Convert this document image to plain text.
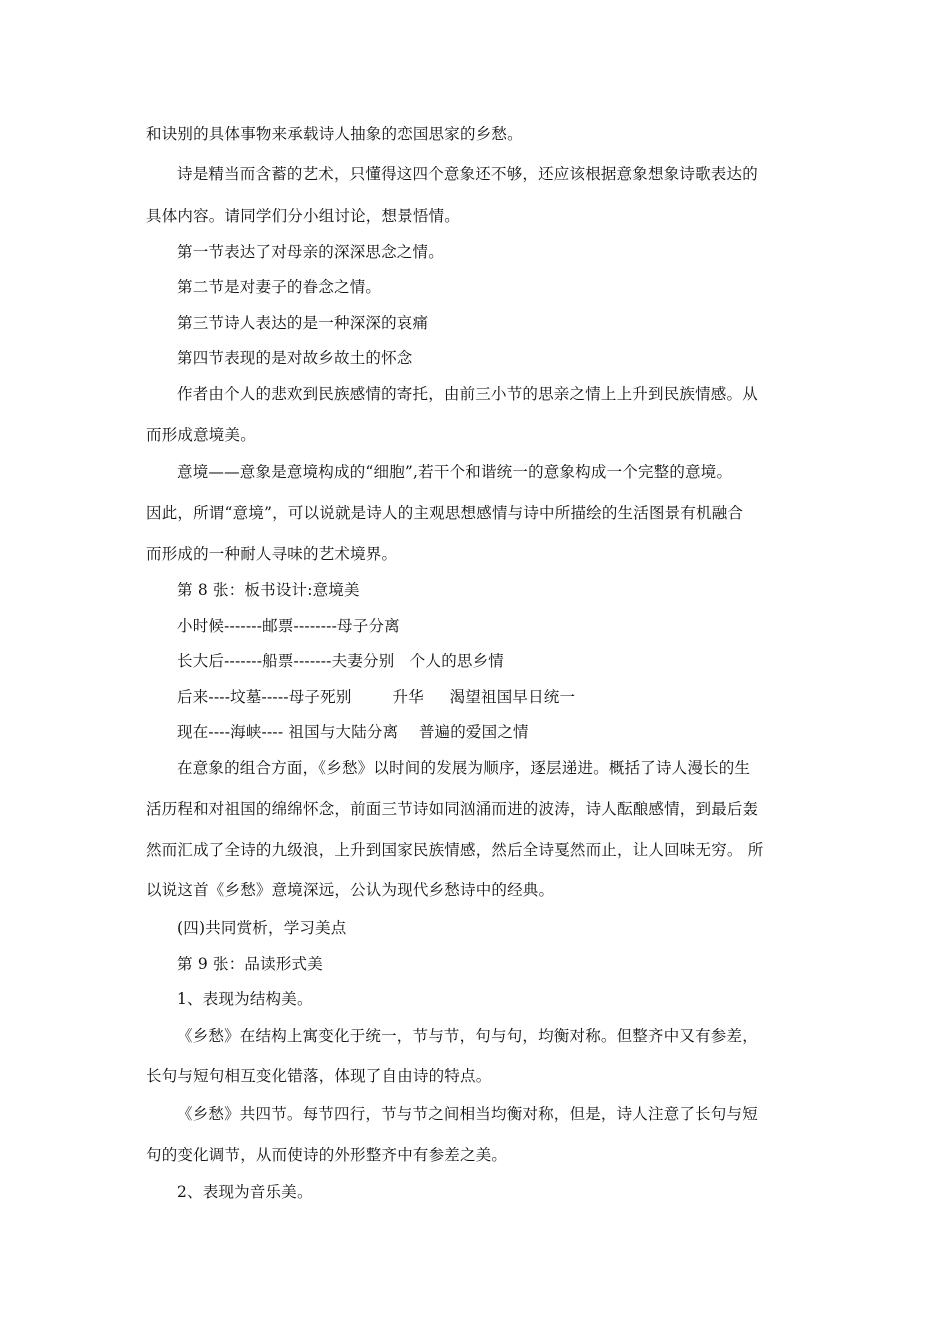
和诀别的具体事物来承载诗人抽象的恋国思家的乡愁。
诗是精当而含蓄的艺术，只懂得这四个意象还不够，还应该根据意象想象诗歌表达的
具体内容。请同学们分小组讨论，想景悟情。
第一节表达了对母亲的深深思念之情。
第二节是对妻子的眷念之情。
第三节诗人表达的是一种深深的哀痛
第四节表现的是对故乡故土的怀念
作者由个人的悲欢到民族感情的寄托，由前三小节的思亲之情上上升到民族情感。从
而形成意境美。
意境——意象是意境构成的“细胞”,若干个和谐统一的意象构成一个完整的意境。
因此，所谓“意境”，可以说就是诗人的主观思想感情与诗中所描绘的生活图景有机融合
而形成的一种耐人寻味的艺术境界。
第 8 张：板书设计:意境美
小时候-------邮票--------母子分离
长大后-------船票-------夫妻分别   个人的思乡情
后来----坟墓-----母子死别        升华     渴望祖国早日统一
现在----海峡---- 祖国与大陆分离    普遍的爱国之情
在意象的组合方面，《乡愁》以时间的发展为顺序，逐层递进。概括了诗人漫长的生
活历程和对祖国的绵绵怀念，前面三节诗如同汹涌而进的波涛，诗人酝酿感情，到最后轰
然而汇成了全诗的九级浪，上升到国家民族情感，然后全诗戛然而止，让人回味无穷。 所
以说这首《乡愁》意境深远，公认为现代乡愁诗中的经典。
(四)共同赏析，学习美点
第 9 张：品读形式美
1、表现为结构美。
《乡愁》在结构上寓变化于统一，节与节，句与句，均衡对称。但整齐中又有参差，
长句与短句相互变化错落，体现了自由诗的特点。
《乡愁》共四节。每节四行，节与节之间相当均衡对称，但是，诗人注意了长句与短
句的变化调节，从而使诗的外形整齐中有参差之美。
2、表现为音乐美。
